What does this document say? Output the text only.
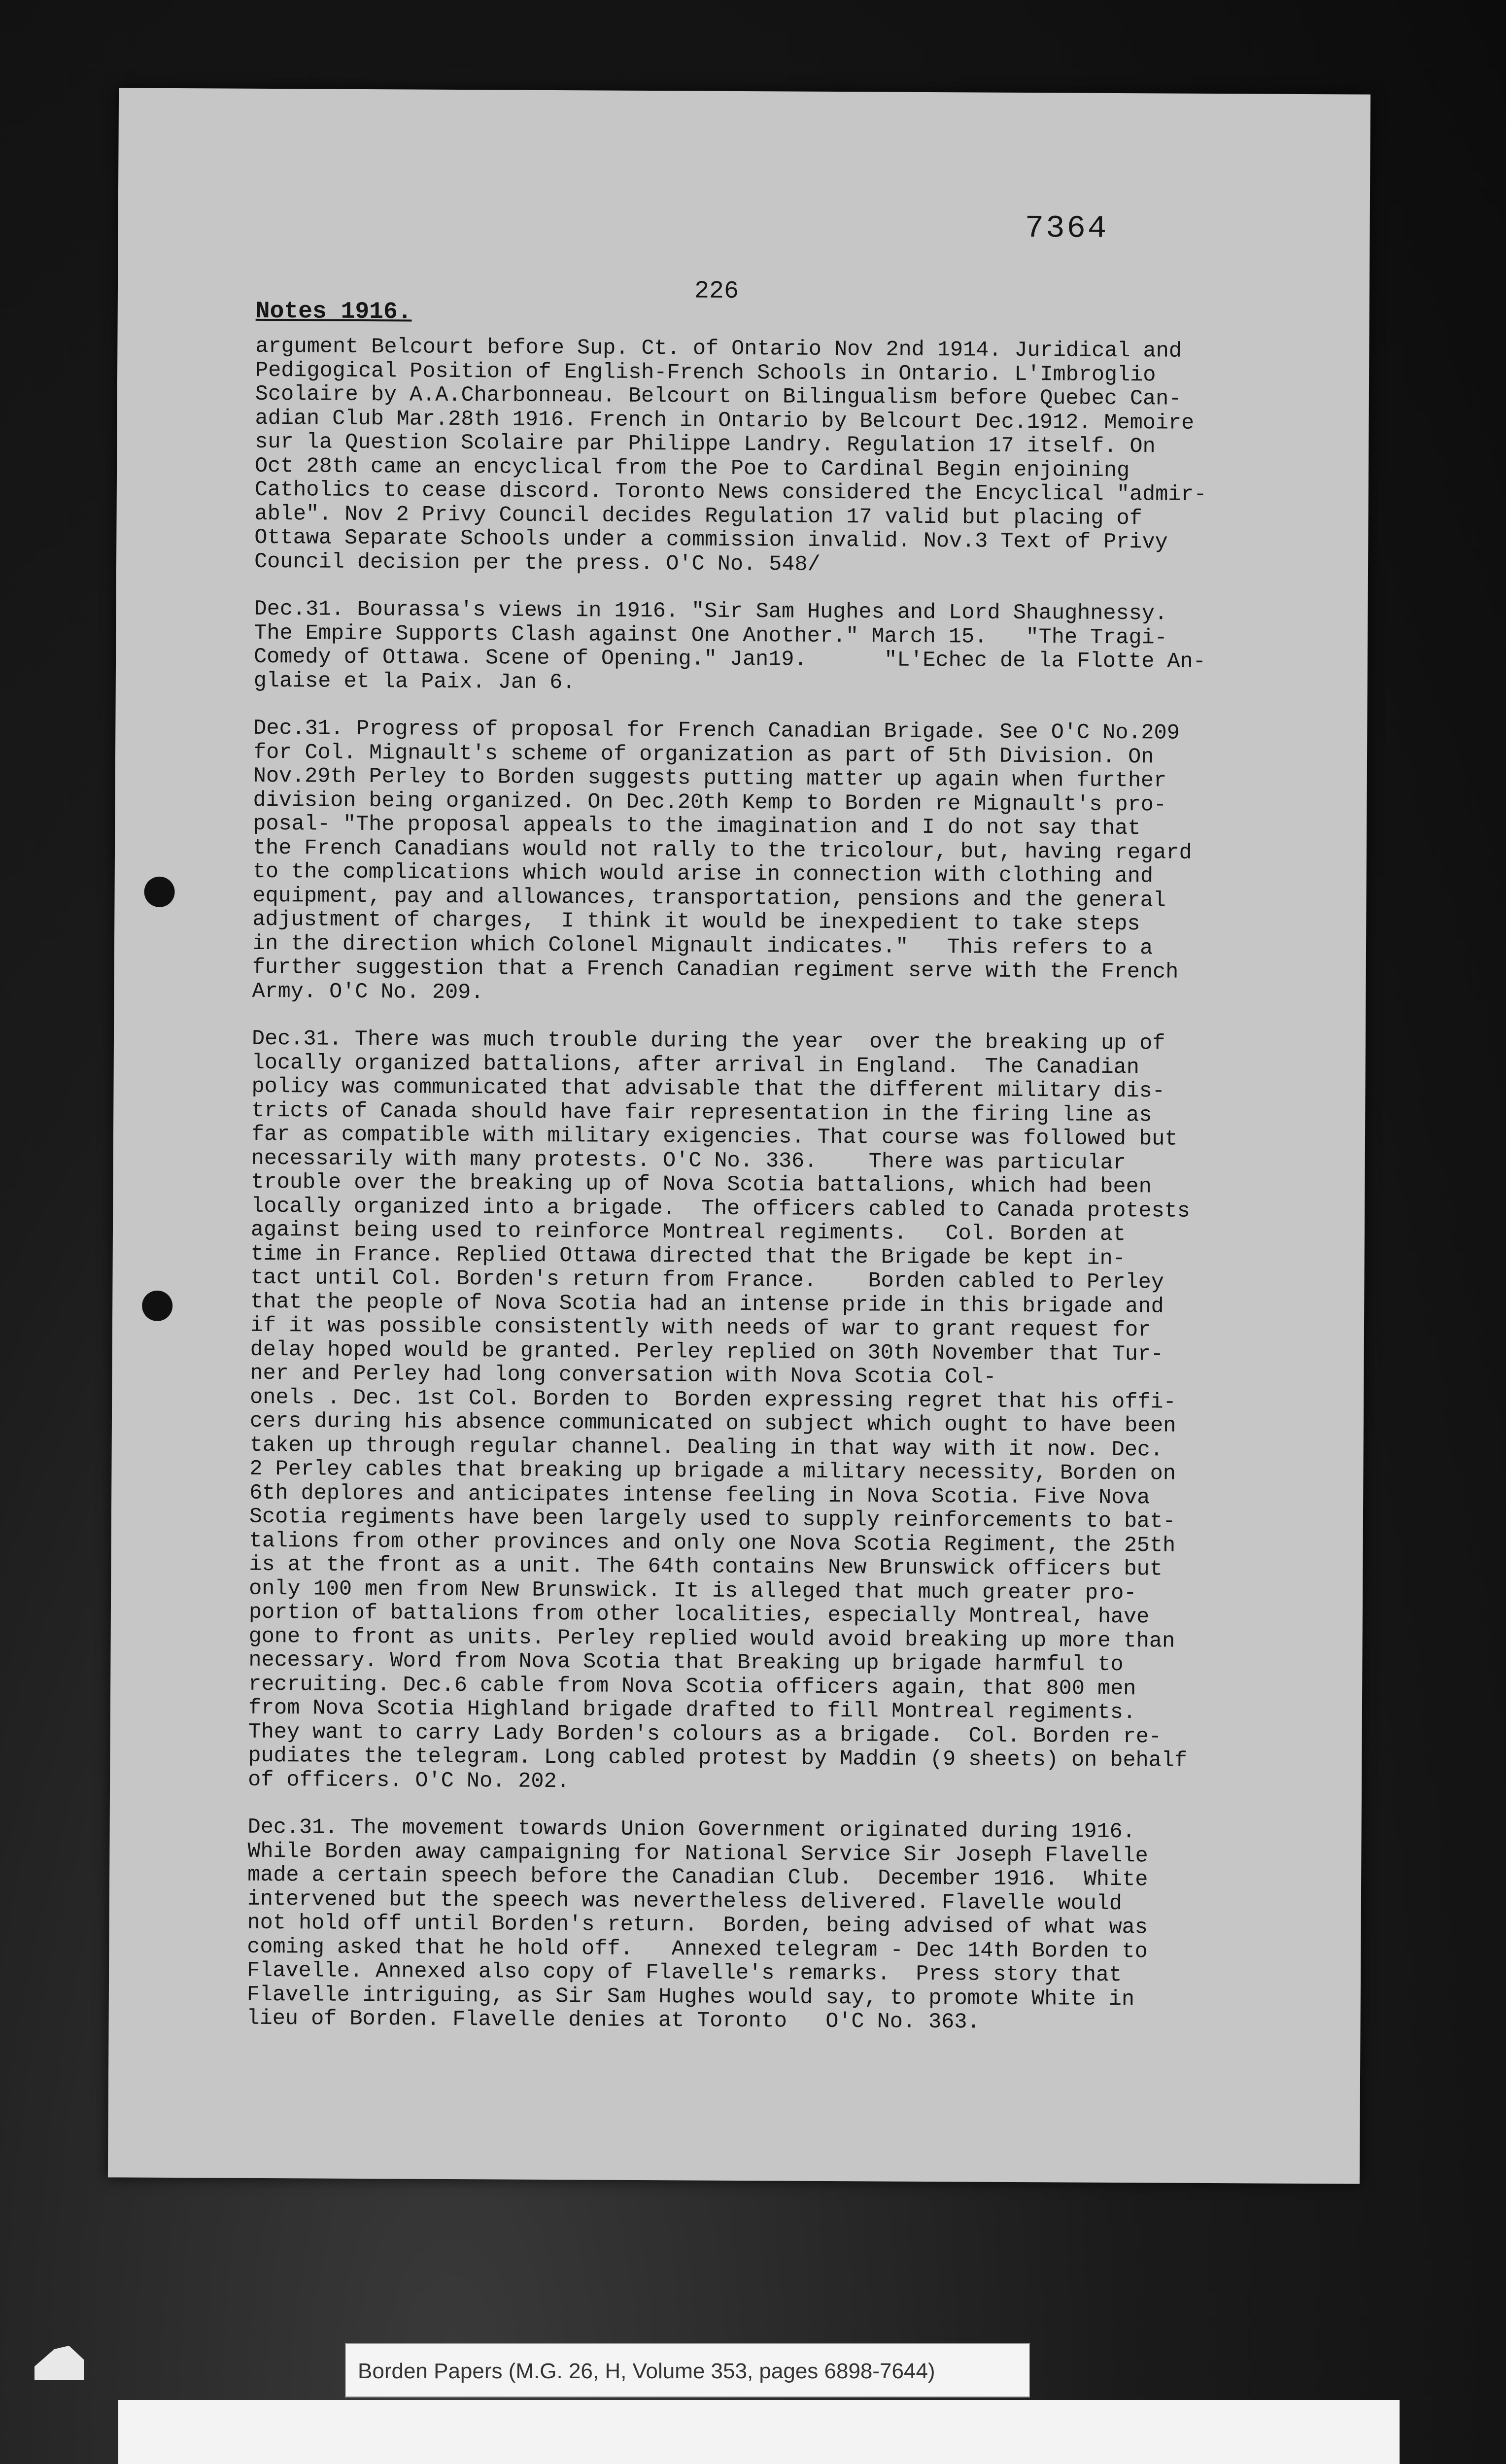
7364
226
Notes 1916.
argument Belcourt before Sup. Ct. of Ontario Nov 2nd 1914. Juridical and
Pedigogical Position of English-French Schools in Ontario. L'Imbroglio
Scolaire by A.A.Charbonneau. Belcourt on Bilingualism before Quebec Can-
adian Club Mar.28th 1916. French in Ontario by Belcourt Dec.1912. Memoire
sur la Question Scolaire par Philippe Landry. Regulation 17 itself. On
Oct 28th came an encyclical from the Poe to Cardinal Begin enjoining
Catholics to cease discord. Toronto News considered the Encyclical "admir-
able". Nov 2 Privy Council decides Regulation 17 valid but placing of
Ottawa Separate Schools under a commission invalid. Nov.3 Text of Privy
Council decision per the press. O'C No. 548/
Dec.31. Bourassa's views in 1916. "Sir Sam Hughes and Lord Shaughnessy.
The Empire Supports Clash against One Another." March 15.   "The Tragi-
Comedy of Ottawa. Scene of Opening." Jan19.      "L'Echec de la Flotte An-
glaise et la Paix. Jan 6.
Dec.31. Progress of proposal for French Canadian Brigade. See O'C No.209
for Col. Mignault's scheme of organization as part of 5th Division. On
Nov.29th Perley to Borden suggests putting matter up again when further
division being organized. On Dec.20th Kemp to Borden re Mignault's pro-
posal- "The proposal appeals to the imagination and I do not say that
the French Canadians would not rally to the tricolour, but, having regard
to the complications which would arise in connection with clothing and
equipment, pay and allowances, transportation, pensions and the general
adjustment of charges,  I think it would be inexpedient to take steps
in the direction which Colonel Mignault indicates."   This refers to a
further suggestion that a French Canadian regiment serve with the French
Army. O'C No. 209.
Dec.31. There was much trouble during the year  over the breaking up of
locally organized battalions, after arrival in England.  The Canadian
policy was communicated that advisable that the different military dis-
tricts of Canada should have fair representation in the firing line as
far as compatible with military exigencies. That course was followed but
necessarily with many protests. O'C No. 336.    There was particular
trouble over the breaking up of Nova Scotia battalions, which had been
locally organized into a brigade.  The officers cabled to Canada protests
against being used to reinforce Montreal regiments.   Col. Borden at
time in France. Replied Ottawa directed that the Brigade be kept in-
tact until Col. Borden's return from France.    Borden cabled to Perley
that the people of Nova Scotia had an intense pride in this brigade and
if it was possible consistently with needs of war to grant request for
delay hoped would be granted. Perley replied on 30th November that Tur-
ner and Perley had long conversation with Nova Scotia Col-
onels . Dec. 1st Col. Borden to  Borden expressing regret that his offi-
cers during his absence communicated on subject which ought to have been
taken up through regular channel. Dealing in that way with it now. Dec.
2 Perley cables that breaking up brigade a military necessity, Borden on
6th deplores and anticipates intense feeling in Nova Scotia. Five Nova
Scotia regiments have been largely used to supply reinforcements to bat-
talions from other provinces and only one Nova Scotia Regiment, the 25th
is at the front as a unit. The 64th contains New Brunswick officers but
only 100 men from New Brunswick. It is alleged that much greater pro-
portion of battalions from other localities, especially Montreal, have
gone to front as units. Perley replied would avoid breaking up more than
necessary. Word from Nova Scotia that Breaking up brigade harmful to
recruiting. Dec.6 cable from Nova Scotia officers again, that 800 men
from Nova Scotia Highland brigade drafted to fill Montreal regiments.
They want to carry Lady Borden's colours as a brigade.  Col. Borden re-
pudiates the telegram. Long cabled protest by Maddin (9 sheets) on behalf
of officers. O'C No. 202.
Dec.31. The movement towards Union Government originated during 1916.
While Borden away campaigning for National Service Sir Joseph Flavelle
made a certain speech before the Canadian Club.  December 1916.  White
intervened but the speech was nevertheless delivered. Flavelle would
not hold off until Borden's return.  Borden, being advised of what was
coming asked that he hold off.   Annexed telegram - Dec 14th Borden to
Flavelle. Annexed also copy of Flavelle's remarks.  Press story that
Flavelle intriguing, as Sir Sam Hughes would say, to promote White in
lieu of Borden. Flavelle denies at Toronto   O'C No. 363.
Borden Papers (M.G. 26, H, Volume 353, pages 6898-7644)
